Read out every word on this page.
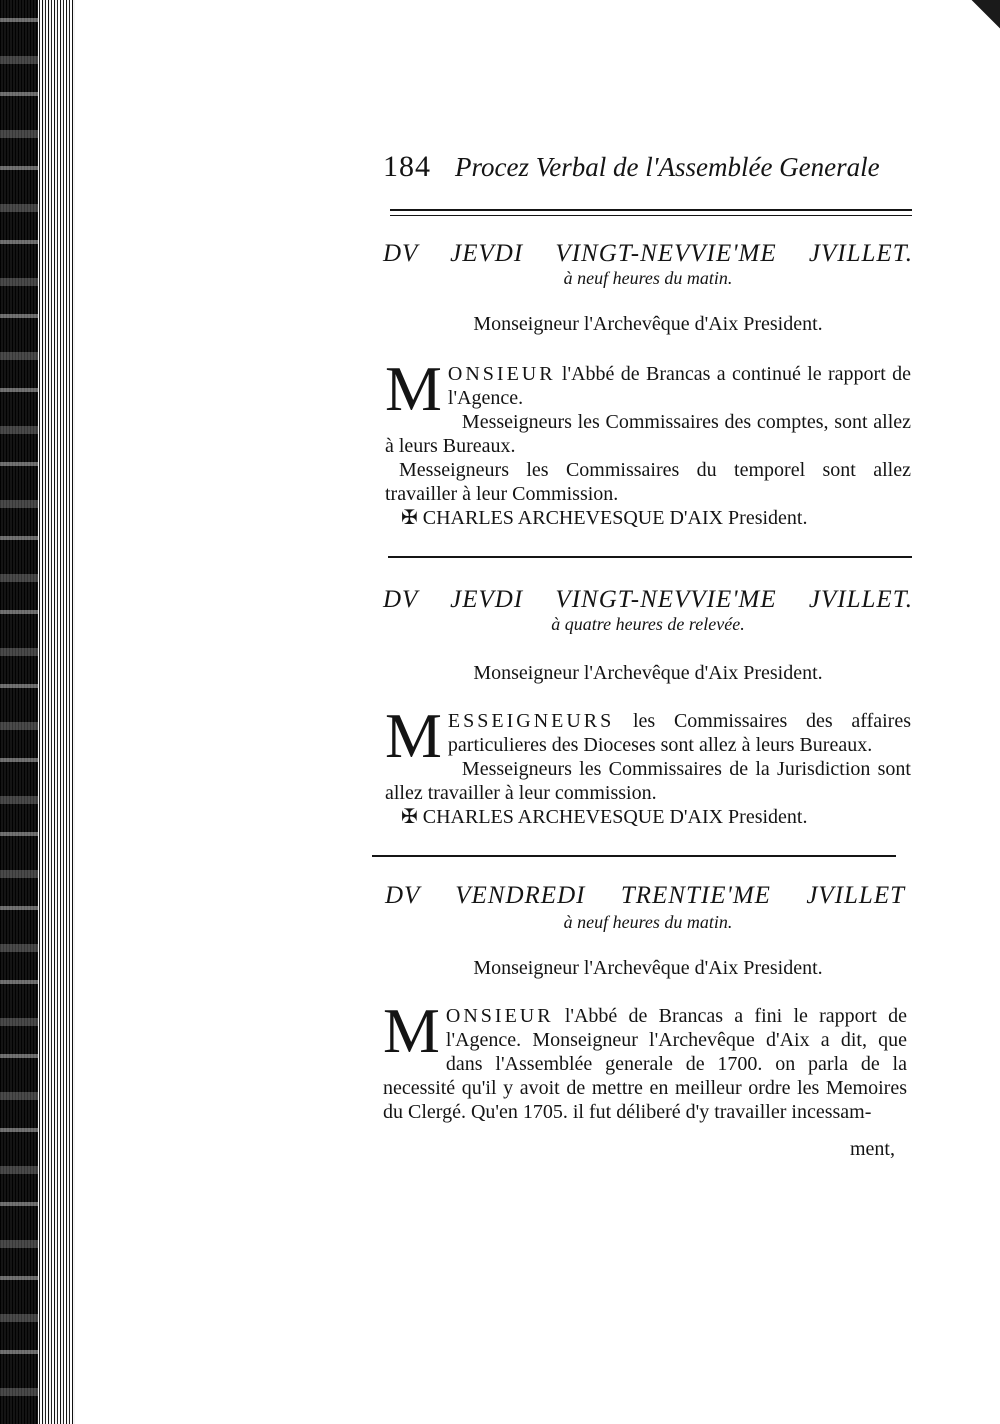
184 Procez Verbal de l'Assemblée Generale
DV JEVDI VINGT-NEVVIE'ME JVILLET.
à neuf heures du matin.
Monseigneur l'Archevêque d'Aix President.

M ONSIEUR l'Abbé de Brancas a continué le rapport de l'Agence.

Messeigneurs les Commissaires des comptes, sont allez à leurs Bureaux.

Messeigneurs les Commissaires du temporel sont allez travailler à leur Commission.

✠ CHARLES ARCHEVESQUE D'AIX President.

DV JEVDI VINGT-NEVVIE'ME JVILLET.
à quatre heures de relevée.
Monseigneur l'Archevêque d'Aix President.

M ESSEIGNEURS les Commissaires des affaires particulieres des Dioceses sont allez à leurs Bureaux.

Messeigneurs les Commissaires de la Jurisdiction sont allez travailler à leur commission.

✠ CHARLES ARCHEVESQUE D'AIX President.

DV VENDREDI TRENTIE'ME JVILLET
à neuf heures du matin.
Monseigneur l'Archevêque d'Aix President.

M ONSIEUR l'Abbé de Brancas a fini le rapport de l'Agence. Monseigneur l'Archevêque d'Aix a dit, que dans l'Assemblée generale de 1700. on parla de la necessité qu'il y avoit de mettre en meilleur ordre les Memoires du Clergé. Qu'en 1705. il fut déliberé d'y travailler incessam-

ment,
